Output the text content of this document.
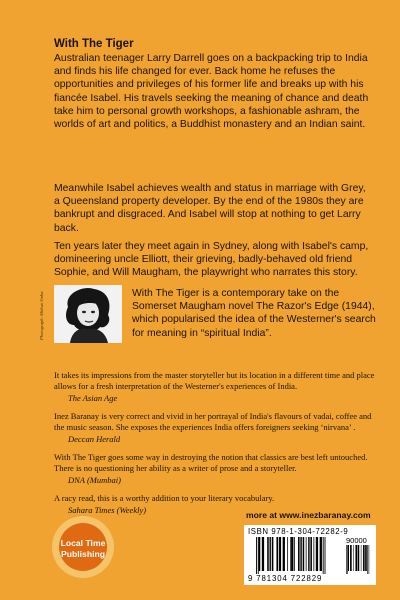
With The Tiger

Australian teenager Larry Darrell goes on a backpacking trip to India and finds his life changed for ever. Back home he refuses the opportunities and privileges of his former life and breaks up with his fiancée Isabel. His travels seeking the meaning of chance and death take him to personal growth workshops, a fashionable ashram, the worlds of art and politics, a Buddhist monastery and an Indian saint.

Meanwhile Isabel achieves wealth and status in marriage with Grey, a Queensland property developer. By the end of the 1980s they are bankrupt and disgraced. And Isabel will stop at nothing to get Larry back.

Ten years later they meet again in Sydney, along with Isabel's camp, domineering uncle Elliott, their grieving, badly-behaved old friend Sophie, and Will Maugham, the playwright who narrates this story.

Photograph: Mithun Sinha	With The Tiger is a contemporary take on the Somerset Maugham novel The Razor's Edge (1944), which popularised the idea of the Westerner's search for meaning in “spiritual India”.

It takes its impressions from the master storyteller but its location in a different time and place allows for a fresh interpretation of the Westerner's experiences of India.

The Asian Age

Inez Baranay is very correct and vivid in her portrayal of India's flavours of vadai, coffee and the music season. She exposes the experiences India offers foreigners seeking ‘nirvana’ .

Deccan Herald

With The Tiger goes some way in destroying the notion that classics are best left untouched. There is no questioning her ability as a writer of prose and a storyteller.

DNA (Mumbai)

A racy read, this is a worthy addition to your literary vocabulary.

Sahara Times (Weekly)

Local Time
Publishing
more at www.inezbaranay.com
ISBN 978-1-304-72282-9
90000
9 781304 722829
